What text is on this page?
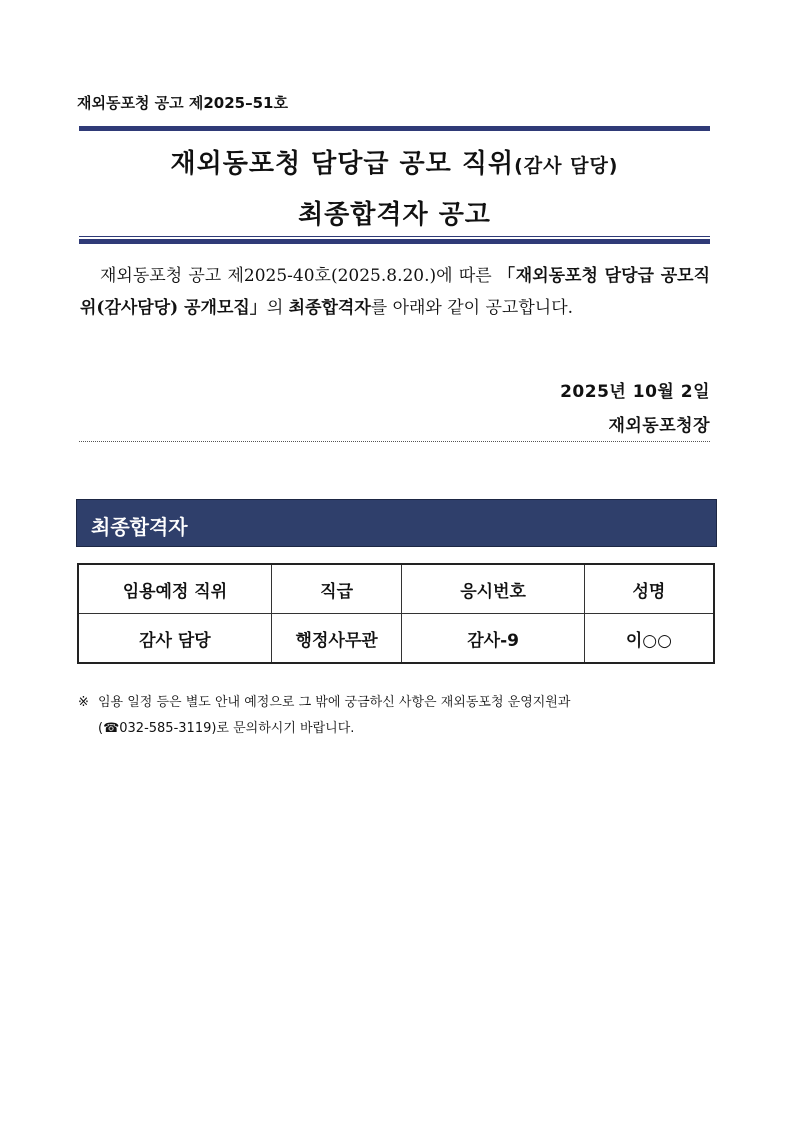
재외동포청 공고 제2025–51호
재외동포청 담당급 공모 직위(감사 담당)
최종합격자 공고
재외동포청 공고 제2025-40호(2025.8.20.)에 따른 「재외동포청 담당급 공모직위(감사담당) 공개모집」의 최종합격자를 아래와 같이 공고합니다.
2025년 10월 2일
재외동포청장
최종합격자
임용예정 직위	직급	응시번호	성명
감사 담당	행정사무관	감사-9	이○○
※ 임용 일정 등은 별도 안내 예정으로 그 밖에 궁금하신 사항은 재외동포청 운영지원과
(☎032-585-3119)로 문의하시기 바랍니다.
